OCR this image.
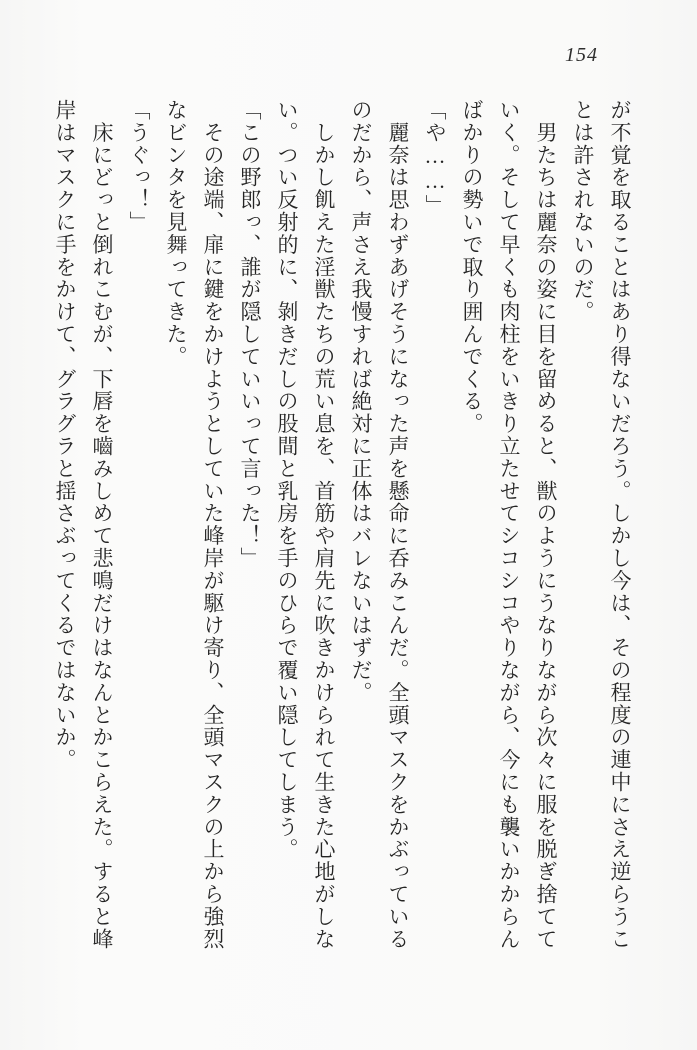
154

が不覚を取ることはあり得ないだろう。しかし今は、その程度の連中にさえ逆らうこ

とは許されないのだ。

　男たちは麗奈の姿に目を留めると、獣のようにうなりながら次々に服を脱ぎ捨てて

いく。そして早くも肉柱をいきり立たせてシコシコやりながら、今にも襲いかからん

ばかりの勢いで取り囲んでくる。

「や……」

　麗奈は思わずあげそうになった声を懸命に呑みこんだ。全頭マスクをかぶっている

のだから、声さえ我慢すれば絶対に正体はバレないはずだ。

　しかし飢えた淫獣たちの荒い息を、首筋や肩先に吹きかけられて生きた心地がしな

い。つい反射的に、剝きだしの股間と乳房を手のひらで覆い隠してしまう。

「この野郎っ、誰が隠していいって言った！」

　その途端、扉に鍵をかけようとしていた峰岸が駆け寄り、全頭マスクの上から強烈

なビンタを見舞ってきた。

「うぐっ！」

　床にどっと倒れこむが、下唇を嚙みしめて悲鳴だけはなんとかこらえた。すると峰

岸はマスクに手をかけて、グラグラと揺さぶってくるではないか。
